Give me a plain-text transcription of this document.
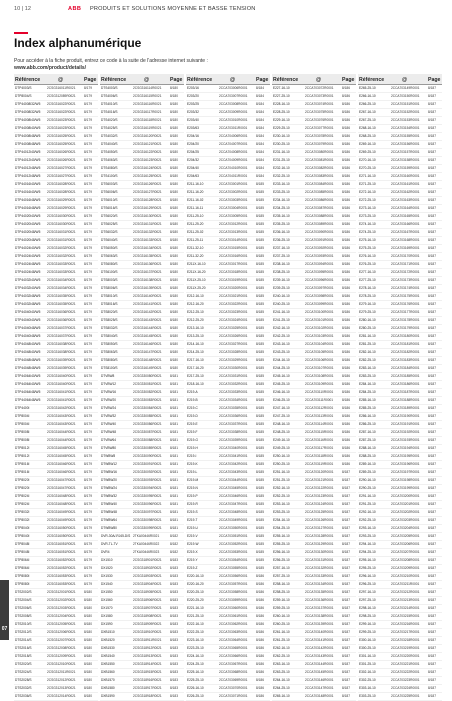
10 | 12	ABB PRODUITS ET SOLUTIONS MOYENNE ET BASSE TENSION
Index alphanumérique
Pour accéder à la fiche produit, entrez ce code à la suite de l'adresse internet suivante :
www.abb.com/product/details/
Référence	@	Page
DTP4003/S	2CSG316011R0021	8/179
DTP8004/S	2CSG312089R0021	8/179
DTP44008I32/W5 2CSG316022R0021	8/179
DTP44008I32/W5 2CSG316022R0021	8/179
DTP44008I40/W5 2CSG316023R0021	8/179
DTP44008I40/W5 2CSG316023R0021	8/179
DTP44008I48/W5 2CSG316025R0021	8/179
DTP44008I48/W5 2CSG316025R0021	8/179
DTP44012I40/W5 2CSG316026R0021	8/179
DTP44012I40/W5 2CSG316026R0021	8/179
DTP44012I48/W5 2CSG316027R0021	8/179
DTP44012I48/W5 2CSG316027R0021	8/179
DTP44016I40/W5 2CSG316028R0021	8/179
DTP44016I40/W5 2CSG316028R0021	8/179
DTP44016I48/W5 2CSG316029R0021	8/179
DTP44016I48/W5 2CSG316029R0021	8/179
DTP44020I40/W5 2CSG316030R0021	8/179
DTP44020I40/W5 2CSG316030R0021	8/179
DTP44020I48/W5 2CSG316031R0021	8/179
DTP44020I48/W5 2CSG316031R0021	8/179
DTP44024I40/W5 2CSG316032R0021	8/179
DTP44024I40/W5 2CSG316032R0021	8/179
DTP44024I48/W5 2CSG316033R0021	8/179
DTP44024I48/W5 2CSG316033R0021	8/179
DTP44032I40/W5 2CSG316034R0021	8/179
DTP44032I40/W5 2CSG316034R0021	8/179
DTP44032I48/W5 2CSG316035R0021	8/179
DTP44032I48/W5 2CSG316035R0021	8/179
DTP44040I40/W5 2CSG316036R0021	8/179
DTP44040I40/W5 2CSG316036R0021	8/179
DTP44040I48/W5 2CSG316037R0021	8/179
DTP44040I48/W5 2CSG316037R0021	8/179
DTP44048I40/W5 2CSG316038R0021	8/179
DTP44048I40/W5 2CSG316038R0021	8/179
DTP44048I48/W5 2CSG316039R0021	8/179
DTP44048I48/W5 2CSG316039R0021	8/179
DTP44064I40/W5 2CSG316040R0021	8/179
DTP44064I40/W5 2CSG316040R0021	8/179
DTP44064I48/W5 2CSG316041R0021	8/179
DTP44064I48/W5 2CSG316041R0021	8/179
DTP4400I	2CSG316042R0021	8/179
DTP8004I	2CSG316043R0021	8/179
DTP8004I	2CSG316043R0021	8/179
DTP8008I	2CSG316044R0021	8/179
DTP8008I	2CSG316044R0021	8/179
DTP8012I	2CSG316045R0021	8/179
DTP8012I	2CSG316045R0021	8/179
DTP8016I	2CSG316046R0021	8/179
DTP8016I	2CSG316046R0021	8/179
DTP8020I	2CSG316047R0021	8/179
DTP8020I	2CSG316047R0021	8/179
DTP8024I	2CSG316048R0021	8/179
DTP8024I	2CSG316048R0021	8/179
DTP8032I	2CSG316049R0021	8/179
DTP8032I	2CSG316049R0021	8/179
DTP8040I	2CSG316050R0021	8/179
DTP8040I	2CSG316050R0021	8/179
DTP8048I	2CSG316051R0021	8/179
DTP8048I	2CSG316051R0021	8/179
DTP8064I	2CSG316052R0021	8/179
DTP8064I	2CSG316052R0021	8/179
DTP8080I	2CSG316053R0021	8/179
DTP8080I	2CSG316053R0021	8/179
DTS2002/S	2CSG312001R0021	8/180
DTS2004/S	2CSG312002R0021	8/180
DTS2006/S	2CSG312003R0021	8/180
DTS2008/S	2CSG312004R0021	8/180
DTS2010/S	2CSG312005R0021	8/180
DTS2012/S	2CSG312006R0021	8/180
DTS2014/S	2CSG312007R0021	8/180
DTS2016/S	2CSG312008R0021	8/180
DTS2018/S	2CSG312009R0021	8/180
DTS2020/S	2CSG312010R0021	8/180
DTS2024/S	2CSG312011R0021	8/180
DTS2028/S	2CSG312012R0021	8/180
DTS2032/S	2CSG312013R0021	8/180
DTS2036/S	2CSG312014R0021	8/180
Référence	@	Page
DTS4003/S	2CSG316114R0021	8/180
DTS4006/S	2CSG316115R0021	8/180
DTS4010/S	2CSG316116R0021	8/180
DTS4016/S	2CSG316117R0021	8/180
DTS4020/S	2CSG316118R0021	8/180
DTS4025/S	2CSG316119R0021	8/180
DTS4032/S	2CSG316120R0021	8/180
DTS4040/S	2CSG316121R0021	8/180
DTS4050/S	2CSG316122R0021	8/180
DTS4063/S	2CSG316123R0021	8/180
DTS4080/S	2CSG316124R0021	8/180
DTS4100/S	2CSG316125R0021	8/180
DTS6003/S	2CSG316126R0021	8/180
DTS6006/S	2CSG316127R0021	8/180
DTS6010/S	2CSG316128R0021	8/180
DTS6016/S	2CSG316129R0021	8/180
DTS6020/S	2CSG316130R0021	8/180
DTS6025/S	2CSG316131R0021	8/180
DTS6032/S	2CSG316132R0021	8/180
DTS6040/S	2CSG316133R0021	8/180
DTS6050/S	2CSG316134R0021	8/180
DTS6063/S	2CSG316135R0021	8/180
DTS6080/S	2CSG316136R0021	8/180
DTS6100/S	2CSG316137R0021	8/180
DTS8003/S	2CSG316138R0021	8/180
DTS8006/S	2CSG316139R0021	8/180
DTS8010/S	2CSG316140R0021	8/180
DTS8016/S	2CSG316141R0021	8/180
DTS8020/S	2CSG316142R0021	8/180
DTS8025/S	2CSG316143R0021	8/180
DTS8032/S	2CSG316144R0021	8/180
DTS8040/S	2CSG316145R0021	8/180
DTS8050/S	2CSG316146R0021	8/180
DTS8063/S	2CSG316147R0021	8/180
DTS8080/S	2CSG316148R0021	8/180
DTS8100/S	2CSG316149R0021	8/180
DTVBW8	2CSG330080R0021	8/181
DTVBW12	2CSG330081R0021	8/181
DTVBW16	2CSG330082R0021	8/181
DTVBW20	2CSG330083R0021	8/181
DTVBW24	2CSG330084R0021	8/181
DTVBW32	2CSG330085R0021	8/181
DTVBW40	2CSG330086R0021	8/181
DTVBW48	2CSG330087R0021	8/181
DTVBW64	2CSG330088R0021	8/181
DTVBW80	2CSG330089R0021	8/181
DTWBW8	2CSG330090R0021	8/181
DTWBW12	2CSG330091R0021	8/181
DTWBW16	2CSG330092R0021	8/181
DTWBW20	2CSG330093R0021	8/181
DTWBW24	2CSG330094R0021	8/181
DTWBW32	2CSG330095R0021	8/181
DTWBW40	2CSG330096R0021	8/181
DTWBW48	2CSG330097R0021	8/181
DTWBW64	2CSG330098R0021	8/181
DTWBW80	2CSG330099R0021	8/181
DVR-30A/-RJ45-D/S 2TKA00446R0021	8/182
DVR-TL-TV	2TKA00446R0022	8/182
DVR4	2TKA00446R0023	8/182
DX1510	2CSG318901R0021	8/183
DX1520	2CSG318902R0021	8/183
DX1530	2CSG318903R0021	8/183
DX1540	2CSG318904R0021	8/183
DX1550	2CSG318905R0021	8/183
DX1560	2CSG318906R0021	8/183
DX1570	2CSG318907R0021	8/183
DX1580	2CSG318908R0021	8/183
DX1590	2CSG318909R0021	8/183
DXB1510	2CSG318910R0021	8/183
DXB1520	2CSG318911R0021	8/183
DXB1530	2CSG318912R0021	8/183
DXB1540	2CSG318913R0021	8/183
DXB1550	2CSG318914R0021	8/183
DXB1560	2CSG318915R0021	8/183
DXB1570	2CSG318916R0021	8/183
DXB1580	2CSG318917R0021	8/183
DXB1590	2CSG318918R0021	8/183
Référence	@	Page
E203/16	2CCA703006R0001	8/184
E203/20	2CCA703007R0001	8/184
E203/25	2CCA703008R0001	8/184
E203/32	2CCA703009R0001	8/184
E203/40	2CCA703010R0001	8/184
E203/63	2CCA703011R0001	8/184
E204/16	2CCA704006R0001	8/184
E204/20	2CCA704007R0001	8/184
E204/25	2CCA704008R0001	8/184
E204/32	2CCA704009R0001	8/184
E204/40	2CCA704010R0001	8/184
E204/63	2CCA704011R0001	8/184
E211-16-10	2CCA703001R0001	8/185
E211-16-20	2CCA703002R0001	8/185
E211-16-02	2CCA703003R0001	8/185
E211-16-11	2CCA703004R0001	8/185
E211-25-10	2CCA703005R0001	8/185
E211-25-20	2CCA703012R0001	8/185
E211-25-02	2CCA703013R0001	8/185
E211-25-11	2CCA703014R0001	8/185
E211-32-10	2CCA703015R0001	8/185
E211-32-20	2CCA703016R0001	8/185
E211X-16-10	2CCA703017R0001	8/185
E211X-16-20	2CCA703018R0001	8/185
E211X-25-10	2CCA703019R0001	8/185
E211X-25-20	2CCA703020R0001	8/185
E212-16-10	2CCA703021R0001	8/185
E212-16-20	2CCA703022R0001	8/185
E212-25-10	2CCA703023R0001	8/185
E212-25-20	2CCA703024R0001	8/185
E213-16-10	2CCA703025R0001	8/185
E213-25-10	2CCA703026R0001	8/185
E214-16-10	2CCA703027R0001	8/185
E214-25-10	2CCA703028R0001	8/185
E217-16-10	2CCA703029R0001	8/185
E217-16-20	2CCA703030R0001	8/185
E217-25-10	2CCA703031R0001	8/185
E218-16-10	2CCA703032R0001	8/185
E219-A	2CCA703033R0001	8/185
E219-B	2CCA703034R0001	8/185
E219-C	2CCA703035R0001	8/185
E219-D	2CCA703036R0001	8/185
E219-E	2CCA703037R0001	8/185
E219-F	2CCA703038R0001	8/185
E219-G	2CCA703039R0001	8/185
E219-H	2CCA703040R0001	8/185
E219-I	2CCA703041R0001	8/185
E219-K	2CCA703042R0001	8/185
E219-L	2CCA703043R0001	8/185
E219-M	2CCA703044R0001	8/185
E219-N	2CCA703045R0001	8/185
E219-P	2CCA703046R0001	8/185
E219-R	2CCA703047R0001	8/185
E219-S	2CCA703048R0001	8/185
E219-T	2CCA703049R0001	8/185
E219-U	2CCA703050R0001	8/185
E219-V	2CCA703051R0001	8/185
E219-W	2CCA703052R0001	8/185
E219-X	2CCA703053R0001	8/185
E219-Y	2CCA703054R0001	8/185
E219-Z	2CCA703055R0001	8/185
E220-16-10	2CCA703056R0001	8/186
E220-16-20	2CCA703057R0001	8/186
E220-25-10	2CCA703058R0001	8/186
E220-25-20	2CCA703059R0001	8/186
E221-16-10	2CCA703060R0001	8/186
E221-25-10	2CCA703061R0001	8/186
E222-16-10	2CCA703062R0001	8/186
E222-25-10	2CCA703063R0001	8/186
E223-16-10	2CCA703064R0001	8/186
E223-25-10	2CCA703065R0001	8/186
E224-16-10	2CCA703066R0001	8/186
E224-25-10	2CCA703067R0001	8/186
E225-16-10	2CCA703068R0001	8/186
E225-25-10	2CCA703069R0001	8/186
E226-16-10	2CCA703070R0001	8/186
E226-25-10	2CCA703071R0001	8/186
Référence	@	Page
E227-16-10	2CCA703072R0001	8/186
E227-25-10	2CCA703073R0001	8/186
E228-16-10	2CCA703074R0001	8/186
E228-25-10	2CCA703075R0001	8/186
E229-16-10	2CCA703076R0001	8/186
E229-25-10	2CCA703077R0001	8/186
E230-16-10	2CCA703078R0001	8/186
E230-25-10	2CCA703079R0001	8/186
E231-16-10	2CCA703080R0001	8/186
E231-25-10	2CCA703081R0001	8/186
E232-16-10	2CCA703082R0001	8/186
E232-25-10	2CCA703083R0001	8/186
E233-16-10	2CCA703084R0001	8/186
E233-25-10	2CCA703085R0001	8/186
E234-16-10	2CCA703086R0001	8/186
E234-25-10	2CCA703087R0001	8/186
E235-16-10	2CCA703088R0001	8/186
E235-25-10	2CCA703089R0001	8/186
E236-16-10	2CCA703090R0001	8/186
E236-25-10	2CCA703091R0001	8/186
E237-16-10	2CCA703092R0001	8/186
E237-25-10	2CCA703093R0001	8/186
E238-16-10	2CCA703094R0001	8/186
E238-25-10	2CCA703095R0001	8/186
E239-16-10	2CCA703096R0001	8/186
E239-25-10	2CCA703097R0001	8/186
E240-16-10	2CCA703098R0001	8/186
E240-25-10	2CCA703099R0001	8/186
E241-16-10	2CCA703100R0001	8/186
E241-25-10	2CCA703101R0001	8/186
E242-16-10	2CCA703102R0001	8/186
E242-25-10	2CCA703103R0001	8/186
E243-16-10	2CCA703104R0001	8/186
E243-25-10	2CCA703105R0001	8/186
E244-16-10	2CCA703106R0001	8/186
E244-25-10	2CCA703107R0001	8/186
E245-16-10	2CCA703108R0001	8/186
E245-25-10	2CCA703109R0001	8/186
E246-16-10	2CCA703110R0001	8/186
E246-25-10	2CCA703111R0001	8/186
E247-16-10	2CCA703112R0001	8/186
E247-25-10	2CCA703113R0001	8/186
E248-16-10	2CCA703114R0001	8/186
E248-25-10	2CCA703115R0001	8/186
E249-16-10	2CCA703116R0001	8/186
E249-25-10	2CCA703117R0001	8/186
E250-16-10	2CCA703118R0001	8/186
E250-25-10	2CCA703119R0001	8/186
E251-16-10	2CCA703120R0001	8/187
E251-25-10	2CCA703121R0001	8/187
E252-16-10	2CCA703122R0001	8/187
E252-25-10	2CCA703123R0001	8/187
E253-16-10	2CCA703124R0001	8/187
E253-25-10	2CCA703125R0001	8/187
E254-16-10	2CCA703126R0001	8/187
E254-25-10	2CCA703127R0001	8/187
E255-16-10	2CCA703128R0001	8/187
E255-25-10	2CCA703129R0001	8/187
E256-16-10	2CCA703130R0001	8/187
E256-25-10	2CCA703131R0001	8/187
E257-16-10	2CCA703132R0001	8/187
E257-25-10	2CCA703133R0001	8/187
E258-16-10	2CCA703134R0001	8/187
E258-25-10	2CCA703135R0001	8/187
E259-16-10	2CCA703136R0001	8/187
E259-25-10	2CCA703137R0001	8/187
E260-16-10	2CCA703138R0001	8/187
E260-25-10	2CCA703139R0001	8/187
E261-16-10	2CCA703140R0001	8/187
E261-25-10	2CCA703141R0001	8/187
E262-16-10	2CCA703142R0001	8/187
E262-25-10	2CCA703143R0001	8/187
E263-16-10	2CCA703144R0001	8/187
E263-25-10	2CCA703145R0001	8/187
E264-16-10	2CCA703146R0001	8/187
E264-25-10	2CCA703147R0001	8/187
E265-16-10	2CCA703148R0001	8/187
Référence	@	Page
E265-25-10	2CCA703149R0001	8/187
E266-16-10	2CCA703150R0001	8/187
E266-25-10	2CCA703151R0001	8/187
E267-16-10	2CCA703152R0001	8/187
E267-25-10	2CCA703153R0001	8/187
E268-16-10	2CCA703154R0001	8/187
E268-25-10	2CCA703155R0001	8/187
E269-16-10	2CCA703156R0001	8/187
E269-25-10	2CCA703157R0001	8/187
E270-16-10	2CCA703158R0001	8/187
E270-25-10	2CCA703159R0001	8/187
E271-16-10	2CCA703160R0001	8/187
E271-25-10	2CCA703161R0001	8/187
E272-16-10	2CCA703162R0001	8/187
E272-25-10	2CCA703163R0001	8/187
E273-16-10	2CCA703164R0001	8/187
E273-25-10	2CCA703165R0001	8/187
E274-16-10	2CCA703166R0001	8/187
E274-25-10	2CCA703167R0001	8/187
E275-16-10	2CCA703168R0001	8/187
E275-25-10	2CCA703169R0001	8/187
E276-16-10	2CCA703170R0001	8/187
E276-25-10	2CCA703171R0001	8/187
E277-16-10	2CCA703172R0001	8/187
E277-25-10	2CCA703173R0001	8/187
E278-16-10	2CCA703174R0001	8/187
E278-25-10	2CCA703175R0001	8/187
E279-16-10	2CCA703176R0001	8/187
E279-25-10	2CCA703177R0001	8/187
E280-16-10	2CCA703178R0001	8/187
E280-25-10	2CCA703179R0001	8/187
E281-16-10	2CCA703180R0001	8/187
E281-25-10	2CCA703181R0001	8/187
E282-16-10	2CCA703182R0001	8/187
E282-25-10	2CCA703183R0001	8/187
E283-16-10	2CCA703184R0001	8/187
E283-25-10	2CCA703185R0001	8/187
E284-16-10	2CCA703186R0001	8/187
E284-25-10	2CCA703187R0001	8/187
E285-16-10	2CCA703188R0001	8/187
E285-25-10	2CCA703189R0001	8/187
E286-16-10	2CCA703190R0001	8/187
E286-25-10	2CCA703191R0001	8/187
E287-16-10	2CCA703192R0001	8/187
E287-25-10	2CCA703193R0001	8/187
E288-16-10	2CCA703194R0001	8/187
E288-25-10	2CCA703195R0001	8/187
E289-16-10	2CCA703196R0001	8/187
E289-25-10	2CCA703197R0001	8/187
E290-16-10	2CCA703198R0001	8/187
E290-25-10	2CCA703199R0001	8/187
E291-16-10	2CCA703200R0001	8/187
E291-25-10	2CCA703201R0001	8/187
E292-16-10	2CCA703202R0001	8/187
E292-25-10	2CCA703203R0001	8/187
E293-16-10	2CCA703204R0001	8/187
E293-25-10	2CCA703205R0001	8/187
E294-16-10	2CCA703206R0001	8/187
E294-25-10	2CCA703207R0001	8/187
E295-16-10	2CCA703208R0001	8/187
E295-25-10	2CCA703209R0001	8/187
E296-16-10	2CCA703210R0001	8/187
E296-25-10	2CCA703211R0001	8/187
E297-16-10	2CCA703212R0001	8/187
E297-25-10	2CCA703213R0001	8/187
E298-16-10	2CCA703214R0001	8/187
E298-25-10	2CCA703215R0001	8/187
E299-16-10	2CCA703216R0001	8/187
E299-25-10	2CCA703217R0001	8/187
E300-16-10	2CCA703218R0001	8/187
E300-25-10	2CCA703219R0001	8/187
E301-16-10	2CCA703220R0001	8/187
E301-25-10	2CCA703221R0001	8/187
E302-16-10	2CCA703222R0001	8/187
E302-25-10	2CCA703223R0001	8/187
E303-16-10	2CCA703224R0001	8/187
E303-25-10	2CCA703225R0001	8/187
07
